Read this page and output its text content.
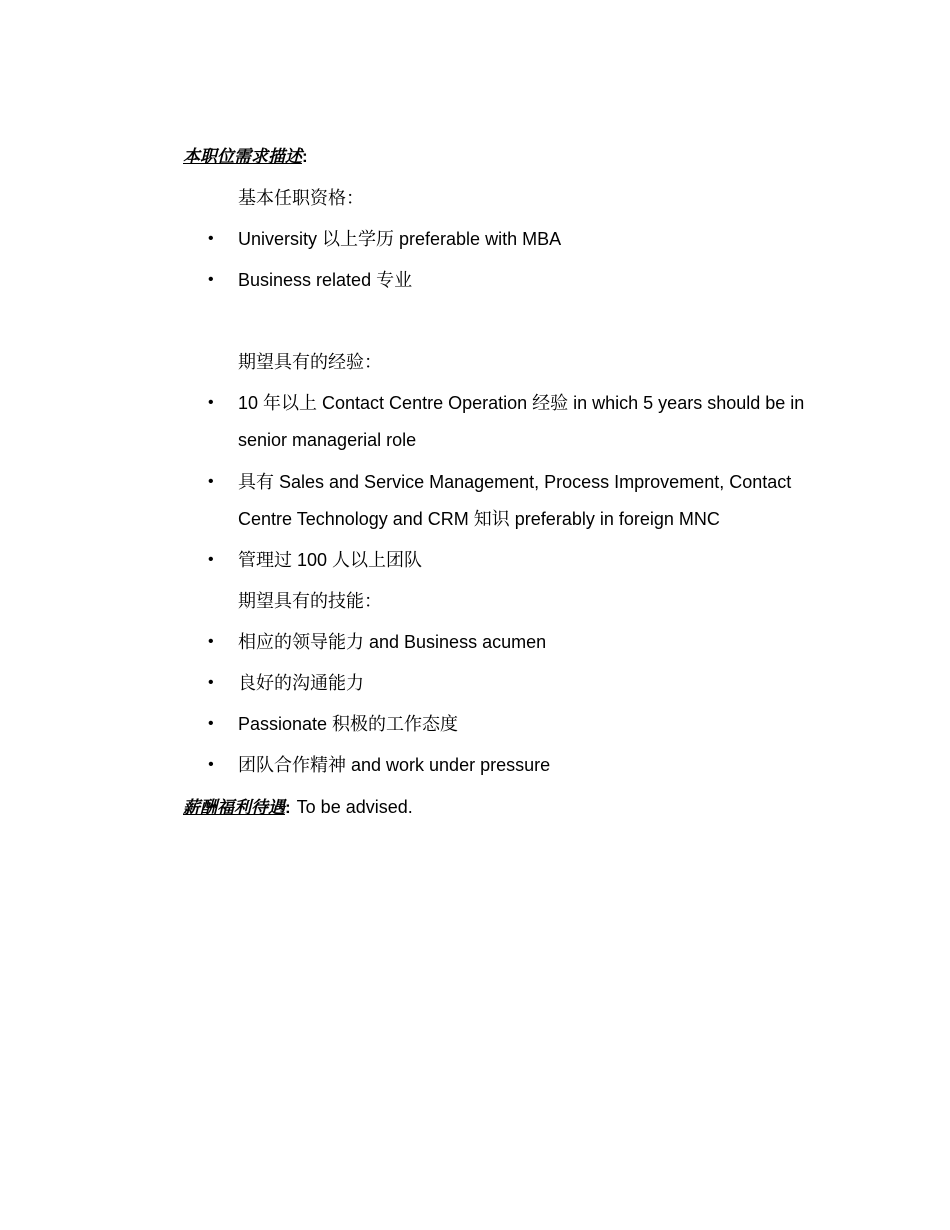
本职位需求描述:
基本任职资格：
• University 以上学历 preferable with MBA
• Business related 专业
期望具有的经验：
• 10 年以上 Contact Centre Operation 经验 in which 5 years should be in senior managerial role
• 具有 Sales and Service Management, Process Improvement, Contact Centre Technology and CRM 知识 preferably in foreign MNC
• 管理过 100 人以上团队
期望具有的技能：
• 相应的领导能力 and Business acumen
• 良好的沟通能力
• Passionate 积极的工作态度
• 团队合作精神 and work under pressure
薪酬福利待遇: To be advised.
